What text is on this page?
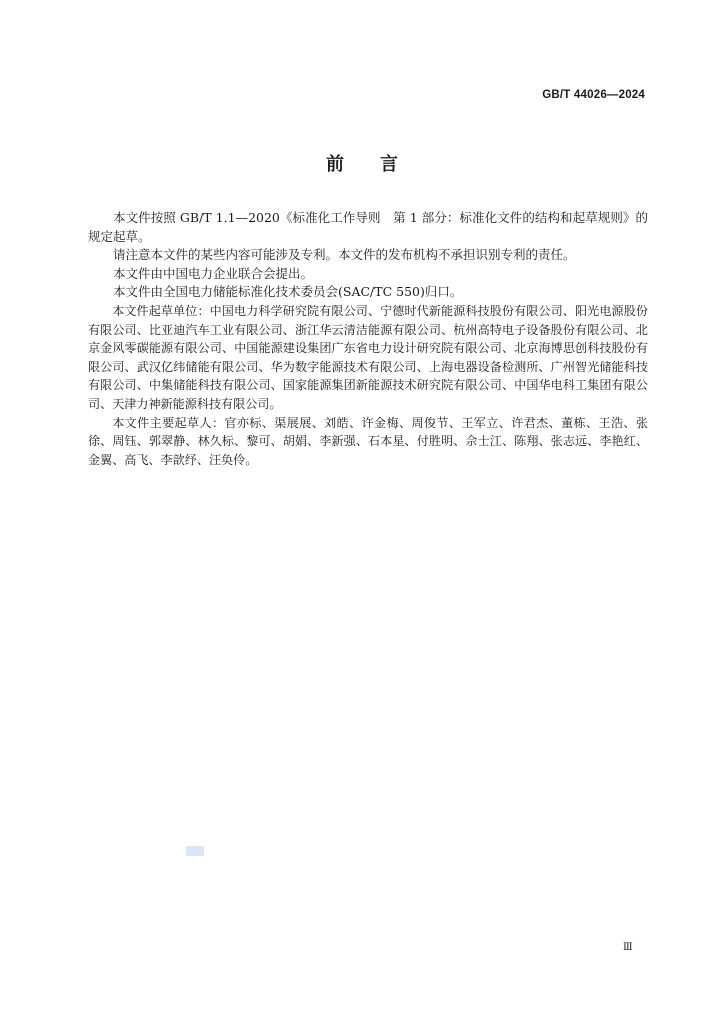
GB/T 44026—2024
前言

本文件按照 GB/T 1.1—2020《标准化工作导则　第 1 部分：标准化文件的结构和起草规则》的规定起草。

请注意本文件的某些内容可能涉及专利。本文件的发布机构不承担识别专利的责任。

本文件由中国电力企业联合会提出。

本文件由全国电力储能标准化技术委员会(SAC/TC 550)归口。

本文件起草单位：中国电力科学研究院有限公司、宁德时代新能源科技股份有限公司、阳光电源股份有限公司、比亚迪汽车工业有限公司、浙江华云清洁能源有限公司、杭州高特电子设备股份有限公司、北京金风零碳能源有限公司、中国能源建设集团广东省电力设计研究院有限公司、北京海博思创科技股份有限公司、武汉亿纬储能有限公司、华为数字能源技术有限公司、上海电器设备检测所、广州智光储能科技有限公司、中集储能科技有限公司、国家能源集团新能源技术研究院有限公司、中国华电科工集团有限公司、天津力神新能源科技有限公司。

本文件主要起草人：官亦标、渠展展、刘皓、许金梅、周俊节、王军立、许君杰、董栋、王浩、张徐、周钰、郭翠静、林久标、黎可、胡娟、李新强、石本星、付胜明、佘士江、陈翔、张志远、李艳红、金翼、高飞、李歆纾、汪奂伶。

Ⅲ
